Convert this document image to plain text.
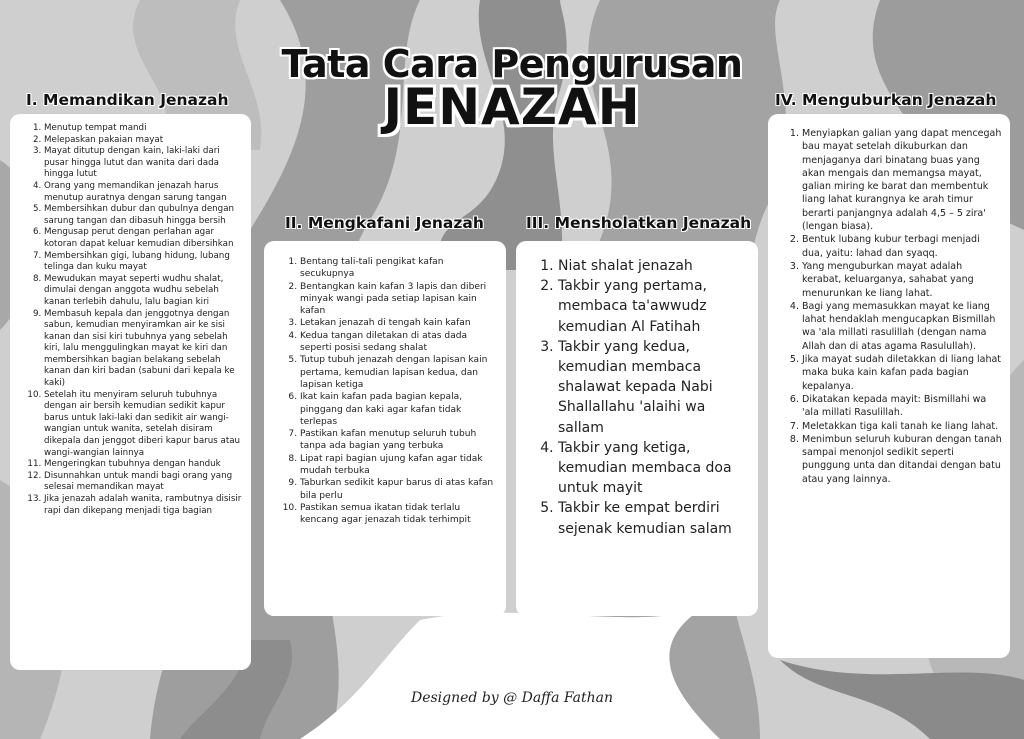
Tata Cara Pengurusan
JENAZAH
I. Memandikan Jenazah
1. Menutup tempat mandi
2. Melepaskan pakaian mayat
3. Mayat ditutup dengan kain, laki-laki dari pusar hingga lutut dan wanita dari dada hingga lutut
4. Orang yang memandikan jenazah harus menutup auratnya dengan sarung tangan
5. Membersihkan dubur dan qubulnya dengan sarung tangan dan dibasuh hingga bersih
6. Mengusap perut dengan perlahan agar kotoran dapat keluar kemudian dibersihkan
7. Membersihkan gigi, lubang hidung, lubang telinga dan kuku mayat
8. Mewudukan mayat seperti wudhu shalat, dimulai dengan anggota wudhu sebelah kanan terlebih dahulu, lalu bagian kiri
9. Membasuh kepala dan jenggotnya dengan sabun, kemudian menyiramkan air ke sisi kanan dan sisi kiri tubuhnya yang sebelah kiri, lalu menggulingkan mayat ke kiri dan membersihkan bagian belakang sebelah kanan dan kiri badan (sabuni dari kepala ke kaki)
10. Setelah itu menyiram seluruh tubuhnya dengan air bersih kemudian sedikit kapur barus untuk laki-laki dan sedikit air wangi-wangian untuk wanita, setelah disiram dikepala dan jenggot diberi kapur barus atau wangi-wangian lainnya
11. Mengeringkan tubuhnya dengan handuk
12. Disunnahkan untuk mandi bagi orang yang selesai memandikan mayat
13. Jika jenazah adalah wanita, rambutnya disisir rapi dan dikepang menjadi tiga bagian
II. Mengkafani Jenazah
1. Bentang tali-tali pengikat kafan secukupnya
2. Bentangkan kain kafan 3 lapis dan diberi minyak wangi pada setiap lapisan kain kafan
3. Letakan jenazah di tengah kain kafan
4. Kedua tangan diletakan di atas dada seperti posisi sedang shalat
5. Tutup tubuh jenazah dengan lapisan kain pertama, kemudian lapisan kedua, dan lapisan ketiga
6. Ikat kain kafan pada bagian kepala, pinggang dan kaki agar kafan tidak terlepas
7. Pastikan kafan menutup seluruh tubuh tanpa ada bagian yang terbuka
8. Lipat rapi bagian ujung kafan agar tidak mudah terbuka
9. Taburkan sedikit kapur barus di atas kafan bila perlu
10. Pastikan semua ikatan tidak terlalu kencang agar jenazah tidak terhimpit
III. Mensholatkan Jenazah
1. Niat shalat jenazah
2. Takbir yang pertama, membaca ta'awwudz kemudian Al Fatihah
3. Takbir yang kedua, kemudian membaca shalawat kepada Nabi Shallallahu 'alaihi wa sallam
4. Takbir yang ketiga, kemudian membaca doa untuk mayit
5. Takbir ke empat berdiri sejenak kemudian salam
IV. Menguburkan Jenazah
1. Menyiapkan galian yang dapat mencegah bau mayat setelah dikuburkan dan menjaganya dari binatang buas yang akan mengais dan memangsa mayat, galian miring ke barat dan membentuk liang lahat kurangnya ke arah timur berarti panjangnya adalah 4,5 – 5 zira' (lengan biasa).
2. Bentuk lubang kubur terbagi menjadi dua, yaitu: lahad dan syaqq.
3. Yang menguburkan mayat adalah kerabat, keluarganya, sahabat yang menurunkan ke liang lahat.
4. Bagi yang memasukkan mayat ke liang lahat hendaklah mengucapkan Bismillah wa 'ala millati rasulillah (dengan nama Allah dan di atas agama Rasulullah).
5. Jika mayat sudah diletakkan di liang lahat maka buka kain kafan pada bagian kepalanya.
6. Dikatakan kepada mayit: Bismillahi wa 'ala millati Rasulillah.
7. Meletakkan tiga kali tanah ke liang lahat.
8. Menimbun seluruh kuburan dengan tanah sampai menonjol sedikit seperti punggung unta dan ditandai dengan batu atau yang lainnya.
Designed by @ Daffa Fathan
